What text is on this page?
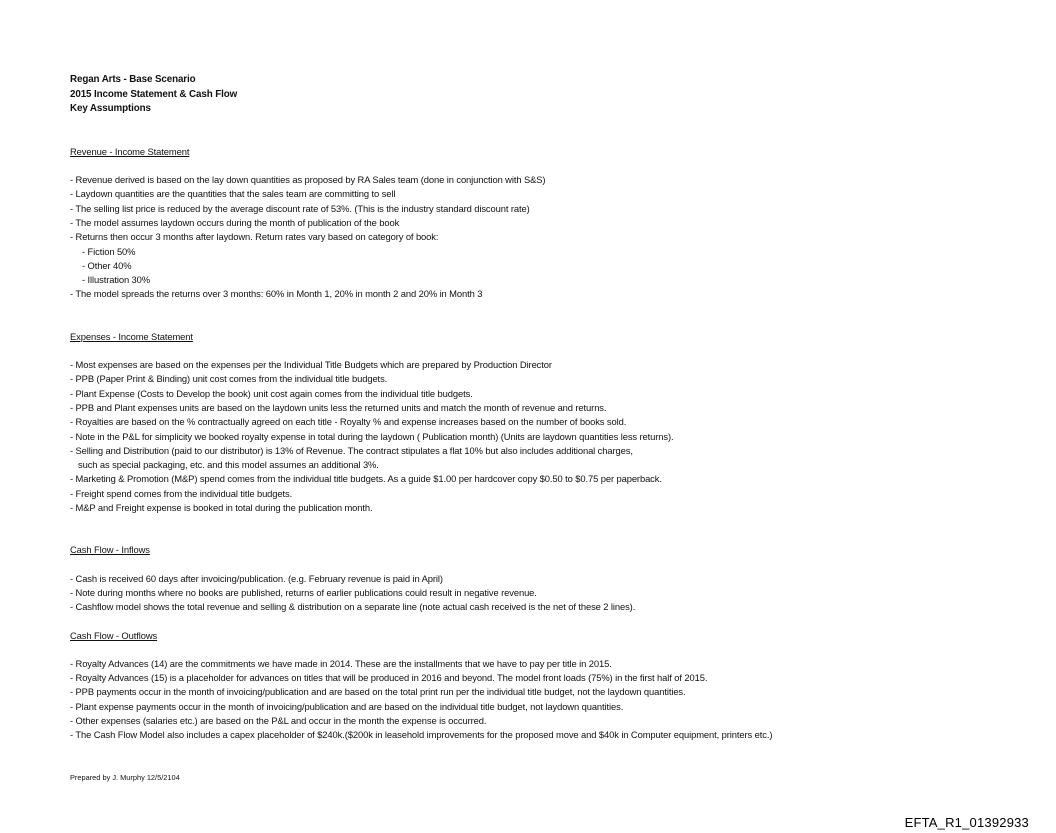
Regan Arts - Base Scenario
2015 Income Statement & Cash Flow
Key Assumptions
Revenue - Income Statement
- Revenue derived is based on the lay down quantities as proposed by RA Sales team (done in conjunction with S&S)
- Laydown quantities are the quantities that the sales team are committing to sell
- The selling list price is reduced by the average discount rate of 53%. (This is the industry standard discount rate)
- The model assumes laydown occurs during the month of publication of the book
- Returns then occur 3 months after laydown. Return rates vary based on category of book:
- Fiction 50%
- Other 40%
- Illustration 30%
- The model spreads the returns over 3 months: 60% in Month 1, 20% in month 2 and 20% in Month 3
Expenses - Income Statement
- Most expenses are based on the expenses per the Individual Title Budgets which are prepared by Production Director
- PPB (Paper Print & Binding) unit cost comes from the individual title budgets.
- Plant Expense (Costs to Develop the book) unit cost again comes from the individual title budgets.
- PPB and Plant expenses units are based on the laydown units less the returned units and match the month of revenue and returns.
- Royalties are based on the % contractually agreed on each title - Royalty % and expense increases based on the number of books sold.
- Note in the P&L for simplicity we booked royalty expense in total during the laydown ( Publication month) (Units are laydown quantities less returns).
- Selling and Distribution (paid to our distributor) is 13% of Revenue. The contract stipulates a flat 10% but also includes additional charges,
such as special packaging, etc. and this model assumes an additional 3%.
- Marketing & Promotion (M&P) spend comes from the individual title budgets. As a guide $1.00 per hardcover copy $0.50 to $0.75 per paperback.
- Freight spend comes from the individual title budgets.
- M&P and Freight expense is booked in total during the publication month.
Cash Flow - Inflows
- Cash is received 60 days after invoicing/publication. (e.g. February revenue is paid in April)
- Note during months where no books are published, returns of earlier publications could result in negative revenue.
- Cashflow model shows the total revenue and selling & distribution on a separate line (note actual cash received is the net of these 2 lines).
Cash Flow - Outflows
- Royalty Advances (14) are the commitments we have made in 2014. These are the installments that we have to pay per title in 2015.
- Royalty Advances (15) is a placeholder for advances on titles that will be produced in 2016 and beyond. The model front loads (75%) in the first half of 2015.
- PPB payments occur in the month of invoicing/publication and are based on the total print run per the individual title budget, not the laydown quantities.
- Plant expense payments occur in the month of invoicing/publication and are based on the individual title budget, not laydown quantities.
- Other expenses (salaries etc.) are based on the P&L and occur in the month the expense is occurred.
- The Cash Flow Model also includes a capex placeholder of $240k.($200k in leasehold improvements for the proposed move and $40k in Computer equipment, printers etc.)
Prepared by J. Murphy 12/5/2104
EFTA_R1_01392933
